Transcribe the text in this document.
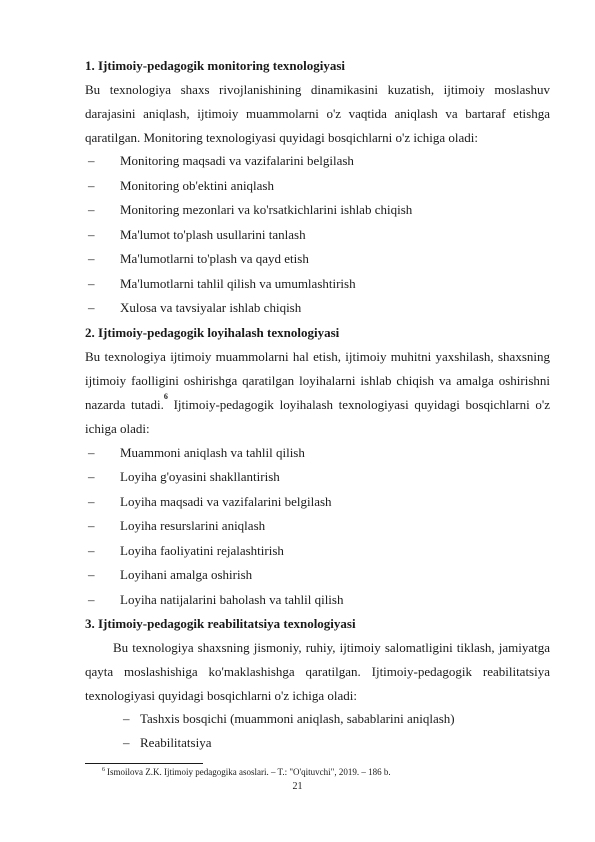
1. Ijtimoiy-pedagogik monitoring texnologiyasi
Bu texnologiya shaxs rivojlanishining dinamikasini kuzatish, ijtimoiy moslashuv darajasini aniqlash, ijtimoiy muammolarni o'z vaqtida aniqlash va bartaraf etishga qaratilgan. Monitoring texnologiyasi quyidagi bosqichlarni o'z ichiga oladi:
– Monitoring maqsadi va vazifalarini belgilash
– Monitoring ob'ektini aniqlash
– Monitoring mezonlari va ko'rsatkichlarini ishlab chiqish
– Ma'lumot to'plash usullarini tanlash
– Ma'lumotlarni to'plash va qayd etish
– Ma'lumotlarni tahlil qilish va umumlashtirish
– Xulosa va tavsiyalar ishlab chiqish
2. Ijtimoiy-pedagogik loyihalash texnologiyasi
Bu texnologiya ijtimoiy muammolarni hal etish, ijtimoiy muhitni yaxshilash, shaxsning ijtimoiy faolligini oshirishga qaratilgan loyihalarni ishlab chiqish va amalga oshirishni nazarda tutadi.$^6$ Ijtimoiy-pedagogik loyihalash texnologiyasi quyidagi bosqichlarni o'z ichiga oladi:
– Muammoni aniqlash va tahlil qilish
– Loyiha g'oyasini shakllantirish
– Loyiha maqsadi va vazifalarini belgilash
– Loyiha resurslarini aniqlash
– Loyiha faoliyatini rejalashtirish
– Loyihani amalga oshirish
– Loyiha natijalarini baholash va tahlil qilish
3. Ijtimoiy-pedagogik reabilitatsiya texnologiyasi
Bu texnologiya shaxsning jismoniy, ruhiy, ijtimoiy salomatligini tiklash, jamiyatga qayta moslashishiga ko'maklashishga qaratilgan. Ijtimoiy-pedagogik reabilitatsiya texnologiyasi quyidagi bosqichlarni o'z ichiga oladi:
– Tashxis bosqichi (muammoni aniqlash, sabablarini aniqlash)
– Reabilitatsiya
$^6$ Ismoilova Z.K. Ijtimoiy pedagogika asoslari. – T.: "O'qituvchi", 2019. – 186 b.
21
